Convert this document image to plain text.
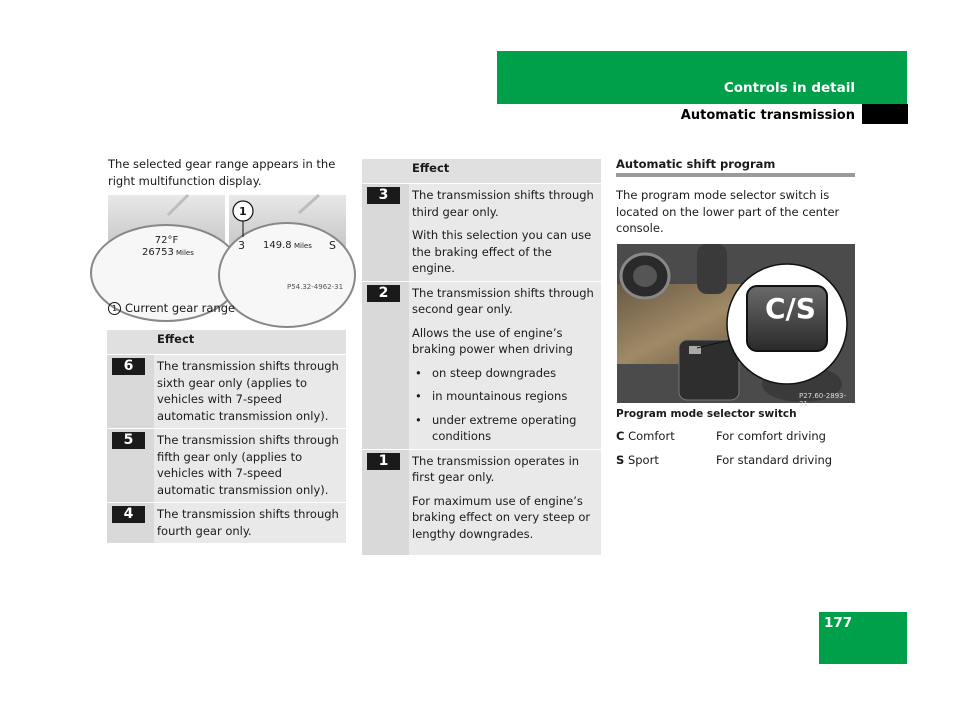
Controls in detail
Automatic transmission
The selected gear range appears in the right multifunction display.
72°F
26753 Miles
1
3 149.8 Miles S
P54.32-4962-31
1 Current gear range
	Effect

6	The transmission shifts through sixth gear only (applies to vehicles with 7-speed automatic transmission only).

5	The transmission shifts through fifth gear only (applies to vehicles with 7-speed automatic transmission only).

4	The transmission shifts through fourth gear only.

	Effect

3	The transmission shifts through third gear only.

With this selection you can use the braking effect of the engine.

2	The transmission shifts through second gear only.

Allows the use of engine’s braking power when driving

• on steep downgrades
• in mountainous regions
• under extreme operating conditions

1	The transmission operates in first gear only.

For maximum use of engine’s braking effect on very steep or lengthy downgrades.

Automatic shift program
The program mode selector switch is located on the lower part of the center console.
C/S
P27.60-2893-31
Program mode selector switch
C Comfort	For comfort driving
S Sport	For standard driving
177
